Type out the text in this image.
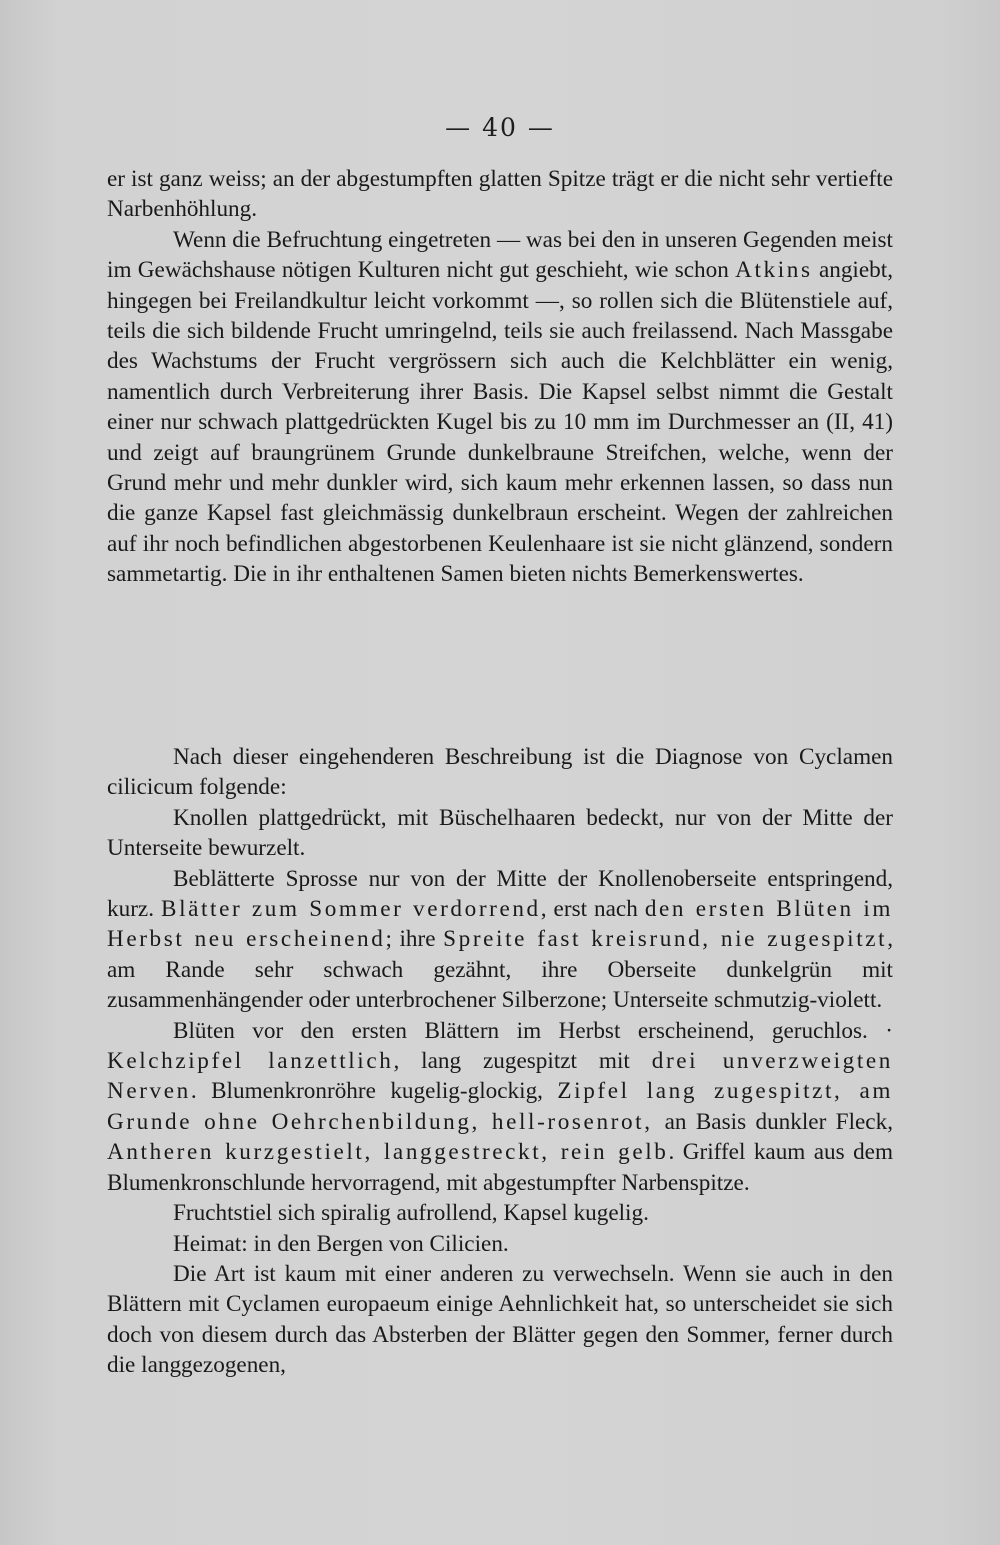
— 40 —

er ist ganz weiss; an der abgestumpften glatten Spitze trägt er die nicht sehr vertiefte Narbenhöhlung.

Wenn die Befruchtung eingetreten — was bei den in unseren Gegenden meist im Gewächshause nötigen Kulturen nicht gut geschieht, wie schon Atkins angiebt, hingegen bei Freilandkultur leicht vorkommt —, so rollen sich die Blütenstiele auf, teils die sich bildende Frucht umringelnd, teils sie auch freilassend. Nach Massgabe des Wachstums der Frucht vergrössern sich auch die Kelchblätter ein wenig, namentlich durch Verbreiterung ihrer Basis. Die Kapsel selbst nimmt die Gestalt einer nur schwach plattgedrückten Kugel bis zu 10 mm im Durchmesser an (II, 41) und zeigt auf braungrünem Grunde dunkelbraune Streifchen, welche, wenn der Grund mehr und mehr dunkler wird, sich kaum mehr erkennen lassen, so dass nun die ganze Kapsel fast gleichmässig dunkelbraun erscheint. Wegen der zahlreichen auf ihr noch befindlichen abgestorbenen Keulenhaare ist sie nicht glänzend, sondern sammetartig. Die in ihr enthaltenen Samen bieten nichts Bemerkenswertes.

Nach dieser eingehenderen Beschreibung ist die Diagnose von Cyclamen cilicicum folgende:

Knollen plattgedrückt, mit Büschelhaaren bedeckt, nur von der Mitte der Unterseite bewurzelt.

Beblätterte Sprosse nur von der Mitte der Knollenoberseite entspringend, kurz. Blätter zum Sommer verdorrend, erst nach den ersten Blüten im Herbst neu erscheinend; ihre Spreite fast kreisrund, nie zugespitzt, am Rande sehr schwach gezähnt, ihre Oberseite dunkelgrün mit zusammenhängender oder unterbrochener Silberzone; Unterseite schmutzig-violett.

Blüten vor den ersten Blättern im Herbst erscheinend, geruchlos. · Kelchzipfel lanzettlich, lang zugespitzt mit drei unverzweigten Nerven. Blumenkronröhre kugelig-glockig, Zipfel lang zugespitzt, am Grunde ohne Oehrchenbildung, hell-rosenrot, an Basis dunkler Fleck, Antheren kurzgestielt, langgestreckt, rein gelb. Griffel kaum aus dem Blumenkronschlunde hervorragend, mit abgestumpfter Narbenspitze.

Fruchtstiel sich spiralig aufrollend, Kapsel kugelig.

Heimat: in den Bergen von Cilicien.

Die Art ist kaum mit einer anderen zu verwechseln. Wenn sie auch in den Blättern mit Cyclamen europaeum einige Aehnlichkeit hat, so unterscheidet sie sich doch von diesem durch das Absterben der Blätter gegen den Sommer, ferner durch die langgezogenen,
